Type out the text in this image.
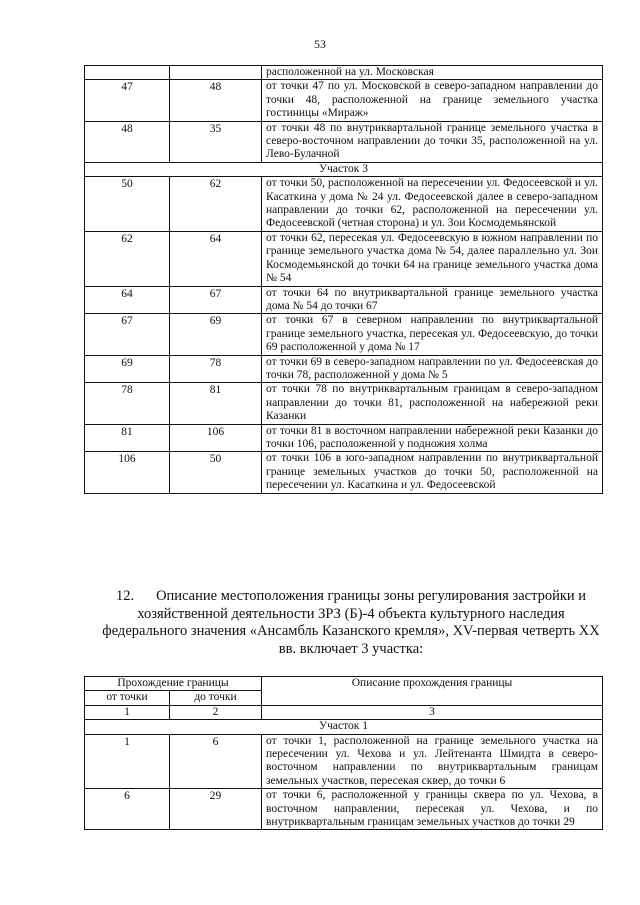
53
		расположенной на ул. Московская
47	48	от точки 47 по ул. Московской в северо-западном направлении до точки 48, расположенной на границе земельного участка гостиницы «Мираж»
48	35	от точки 48 по внутриквартальной границе земельного участка в северо-восточном направлении до точки 35, расположенной на ул. Лево-Булачной
Участок 3		
50	62	от точки 50, расположенной на пересечении ул. Федосеевской и ул. Касаткина у дома № 24 ул. Федосеевской далее в северо-западном направлении до точки 62, расположенной на пересечении ул. Федосеевской (четная сторона) и ул. Зои Космодемьянской
62	64	от точки 62, пересекая ул. Федосеевскую в южном направлении по границе земельного участка дома № 54, далее параллельно ул. Зои Космодемьянской до точки 64 на границе земельного участка дома № 54
64	67	от точки 64 по внутриквартальной границе земельного участка дома № 54 до точки 67
67	69	от точки 67 в северном направлении по внутриквартальной границе земельного участка, пересекая ул. Федосеевскую, до точки 69 расположенной у дома № 17
69	78	от точки 69 в северо-западном направлении по ул. Федосеевская до точки 78, расположенной у дома № 5
78	81	от точки 78 по внутриквартальным границам в северо-западном направлении до точки 81, расположенной на набережной реки Казанки
81	106	от точки 81 в восточном направлении набережной реки Казанки до точки 106, расположенной у подножия холма
106	50	от точки 106 в юго-западном направлении по внутриквартальной границе земельных участков до точки 50, расположенной на пересечении ул. Касаткина и ул. Федосеевской
12. Описание местоположения границы зоны регулирования застройки и хозяйственной деятельности ЗРЗ (Б)-4 объекта культурного наследия федерального значения «Ансамбль Казанского кремля», XV-первая четверть XX вв. включает 3 участка:
Прохождение границы		Описание прохождения границы
от точки	до точки	
1	2	3
Участок 1		
1	6	от точки 1, расположенной на границе земельного участка на пересечении ул. Чехова и ул. Лейтенанта Шмидта в северо-восточном направлении по внутриквартальным границам земельных участков, пересекая сквер, до точки 6
6	29	от точки 6, расположенной у границы сквера по ул. Чехова, в восточном направлении, пересекая ул. Чехова, и по внутриквартальным границам земельных участков до точки 29
